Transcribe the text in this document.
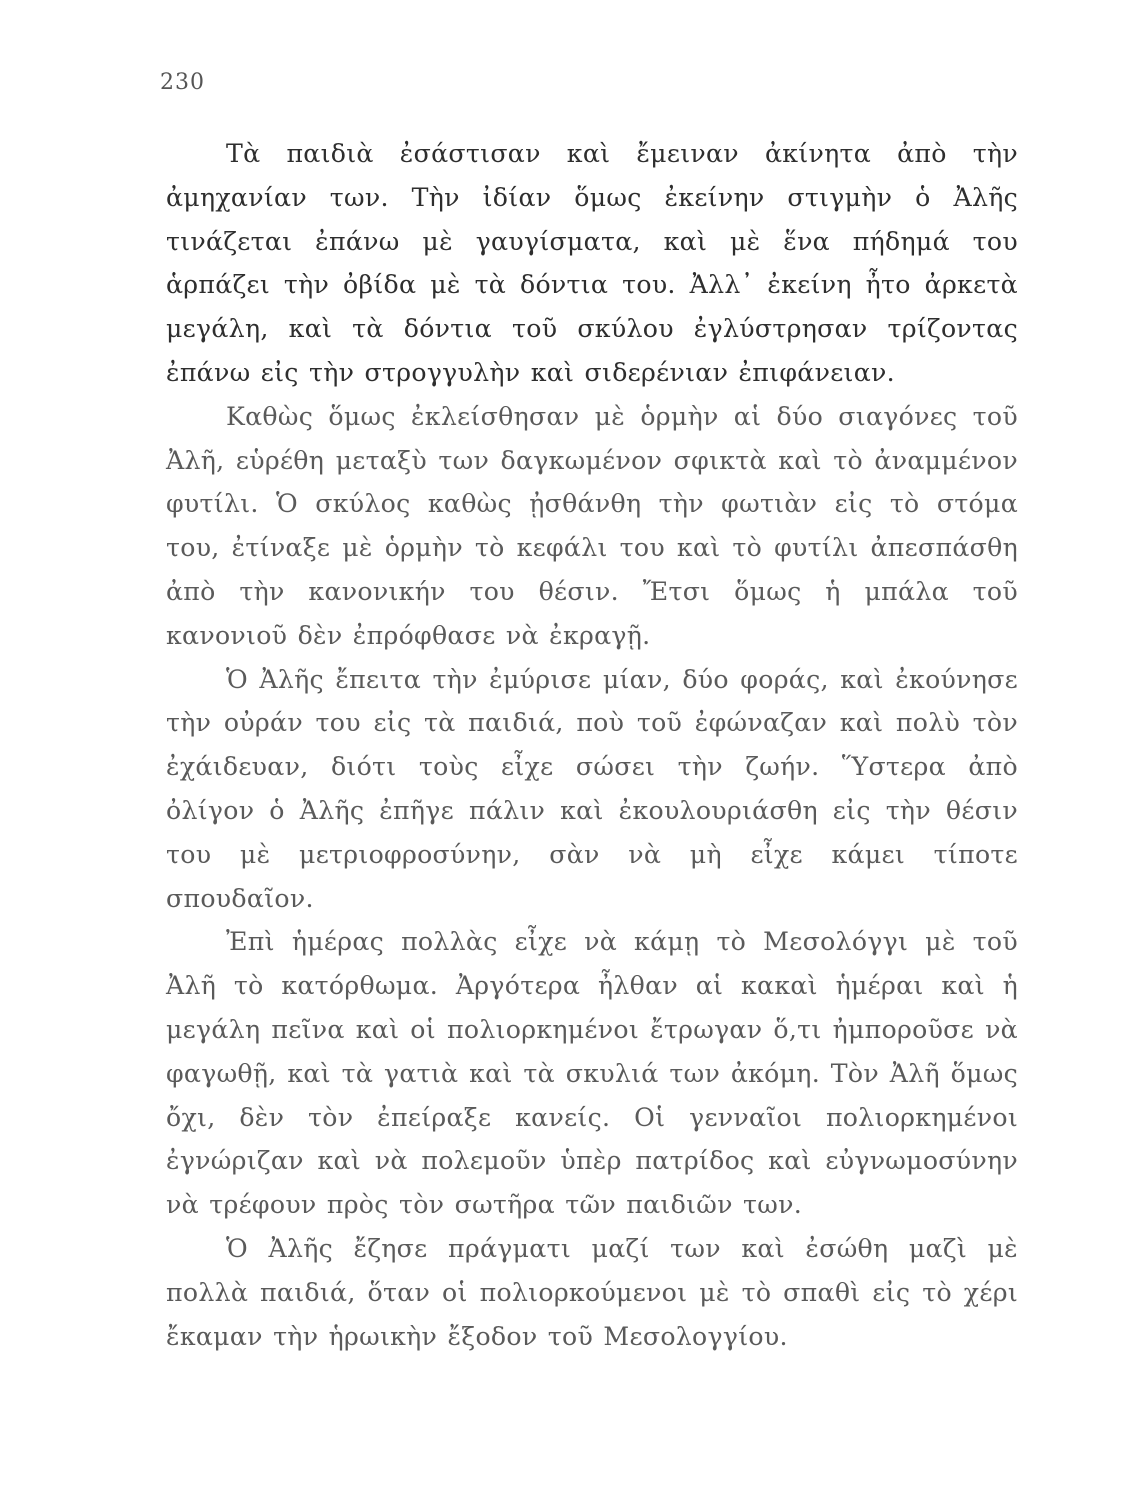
230

Τὰ παιδιὰ ἐσάστισαν καὶ ἔμειναν ἀκίνητα ἀπὸ τὴν ἀμηχανίαν των. Τὴν ἰδίαν ὅμως ἐκείνην στιγμὴν ὁ Ἀλῆς τινάζεται ἐπάνω μὲ γαυγίσματα, καὶ μὲ ἕνα πήδημά του ἁρπάζει τὴν ὀβίδα μὲ τὰ δόντια του. Ἀλλ᾽ ἐκείνη ἦτο ἀρκετὰ μεγάλη, καὶ τὰ δόντια τοῦ σκύλου ἐγλύστρησαν τρίζοντας ἐπάνω εἰς τὴν στρογγυλὴν καὶ σιδερένιαν ἐπιφάνειαν.

Καθὼς ὅμως ἐκλείσθησαν μὲ ὁρμὴν αἱ δύο σιαγόνες τοῦ Ἀλῆ, εὑρέθη μεταξὺ των δαγκωμένον σφικτὰ καὶ τὸ ἀναμμένον φυτίλι. Ὁ σκύλος καθὼς ᾐσθάνθη τὴν φωτιὰν εἰς τὸ στόμα του, ἐτίναξε μὲ ὁρμὴν τὸ κεφάλι του καὶ τὸ φυτίλι ἀπεσπάσθη ἀπὸ τὴν κανονικήν του θέσιν. Ἔτσι ὅμως ἡ μπάλα τοῦ κανονιοῦ δὲν ἐπρόφθασε νὰ ἐκραγῇ.

Ὁ Ἀλῆς ἔπειτα τὴν ἐμύρισε μίαν, δύο φοράς, καὶ ἐκούνησε τὴν οὐράν του εἰς τὰ παιδιά, ποὺ τοῦ ἐφώναζαν καὶ πολὺ τὸν ἐχάιδευαν, διότι τοὺς εἶχε σώσει τὴν ζωήν. Ὕστερα ἀπὸ ὀλίγον ὁ Ἀλῆς ἐπῆγε πάλιν καὶ ἐκουλουριάσθη εἰς τὴν θέσιν του μὲ μετριοφροσύνην, σὰν νὰ μὴ εἶχε κάμει τίποτε σπουδαῖον.

Ἐπὶ ἡμέρας πολλὰς εἶχε νὰ κάμῃ τὸ Μεσολόγγι μὲ τοῦ Ἀλῆ τὸ κατόρθωμα. Ἀργότερα ἦλθαν αἱ κακαὶ ἡμέραι καὶ ἡ μεγάλη πεῖνα καὶ οἱ πολιορκημένοι ἔτρωγαν ὅ,τι ἠμποροῦσε νὰ φαγωθῇ, καὶ τὰ γατιὰ καὶ τὰ σκυλιά των ἀκόμη. Τὸν Ἀλῆ ὅμως ὄχι, δὲν τὸν ἐπείραξε κανείς. Οἱ γενναῖοι πολιορκημένοι ἐγνώριζαν καὶ νὰ πολεμοῦν ὑπὲρ πατρίδος καὶ εὐγνωμοσύνην νὰ τρέφουν πρὸς τὸν σωτῆρα τῶν παιδιῶν των.

Ὁ Ἀλῆς ἔζησε πράγματι μαζί των καὶ ἐσώθη μαζὶ μὲ πολλὰ παιδιά, ὅταν οἱ πολιορκούμενοι μὲ τὸ σπαθὶ εἰς τὸ χέρι ἔκαμαν τὴν ἡρωικὴν ἔξοδον τοῦ Μεσολογγίου.
